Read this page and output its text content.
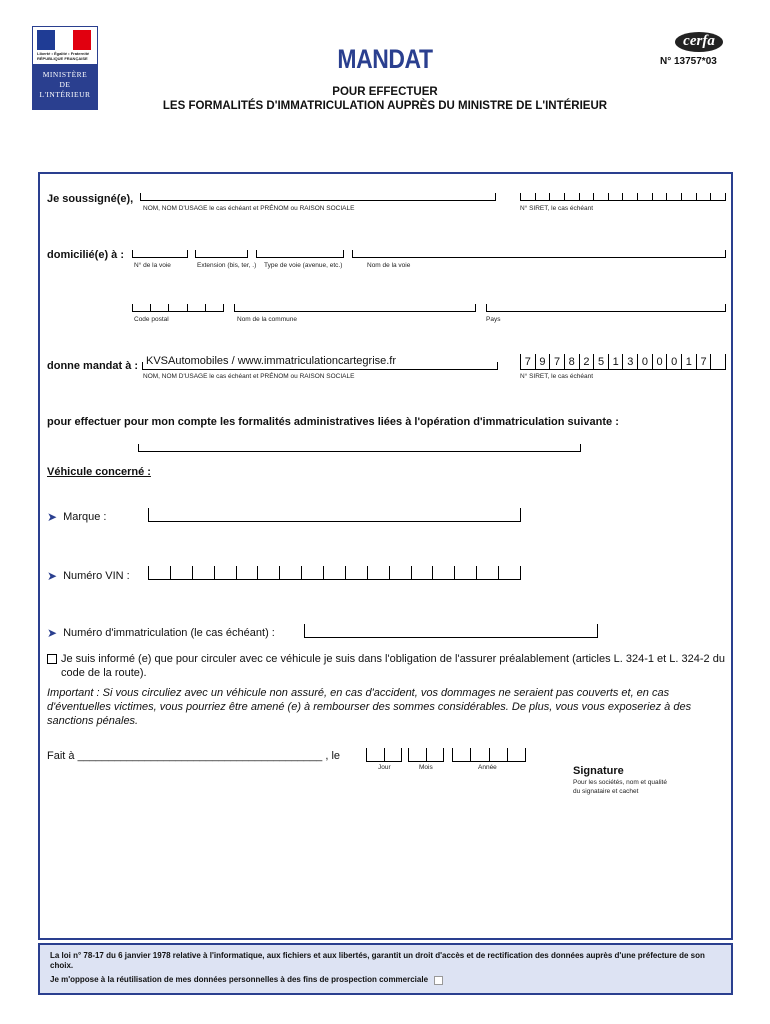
Liberté • Égalité • Fraternité
RÉPUBLIQUE FRANÇAISE
MINISTÈRE
DE
L'INTÉRIEUR
MANDAT
POUR EFFECTUER
LES FORMALITÉS D'IMMATRICULATION AUPRÈS DU MINISTRE DE L'INTÉRIEUR
cerfa
N° 13757*03
Je soussigné(e),
NOM, NOM D'USAGE le cas échéant et PRÉNOM ou RAISON SOCIALE	N° SIRET, le cas échéant
domicilié(e) à :
N° de la voie	Extension (bis, ter, .) Type de voie (avenue, etc.)	Nom de la voie
Code postal	Nom de la commune	Pays
donne mandat à : KVSAutomobiles / www.immatriculationcartegrise.fr
NOM, NOM D'USAGE le cas échéant et PRÉNOM ou RAISON SOCIALE
7 9 7 8 2 5 1 3 0 0 0 1 7
N° SIRET, le cas échéant
pour effectuer pour mon compte les formalités administratives liées à l'opération d'immatriculation suivante :
Véhicule concerné :
➤ Marque :
➤ Numéro VIN :
➤ Numéro d'immatriculation (le cas échéant) :
Je suis informé (e) que pour circuler avec ce véhicule je suis dans l'obligation de l'assurer préalablement (articles L. 324-1 et L. 324-2 du code de la route).
Important : Si vous circuliez avec un véhicule non assuré, en cas d'accident, vos dommages ne seraient pas couverts et, en cas d'éventuelles victimes, vous pourriez être amené (e) à rembourser des sommes considérables. De plus, vous vous exposeriez à des sanctions pénales.
Fait à ________________________________________ , le
Jour	Mois	Année	Signature
Pour les sociétés, nom et qualité
du signataire et cachet
La loi n° 78-17 du 6 janvier 1978 relative à l'informatique, aux fichiers et aux libertés, garantit un droit d'accès et de rectification des données auprès d'une préfecture de son choix.
Je m'oppose à la réutilisation de mes données personnelles à des fins de prospection commerciale
